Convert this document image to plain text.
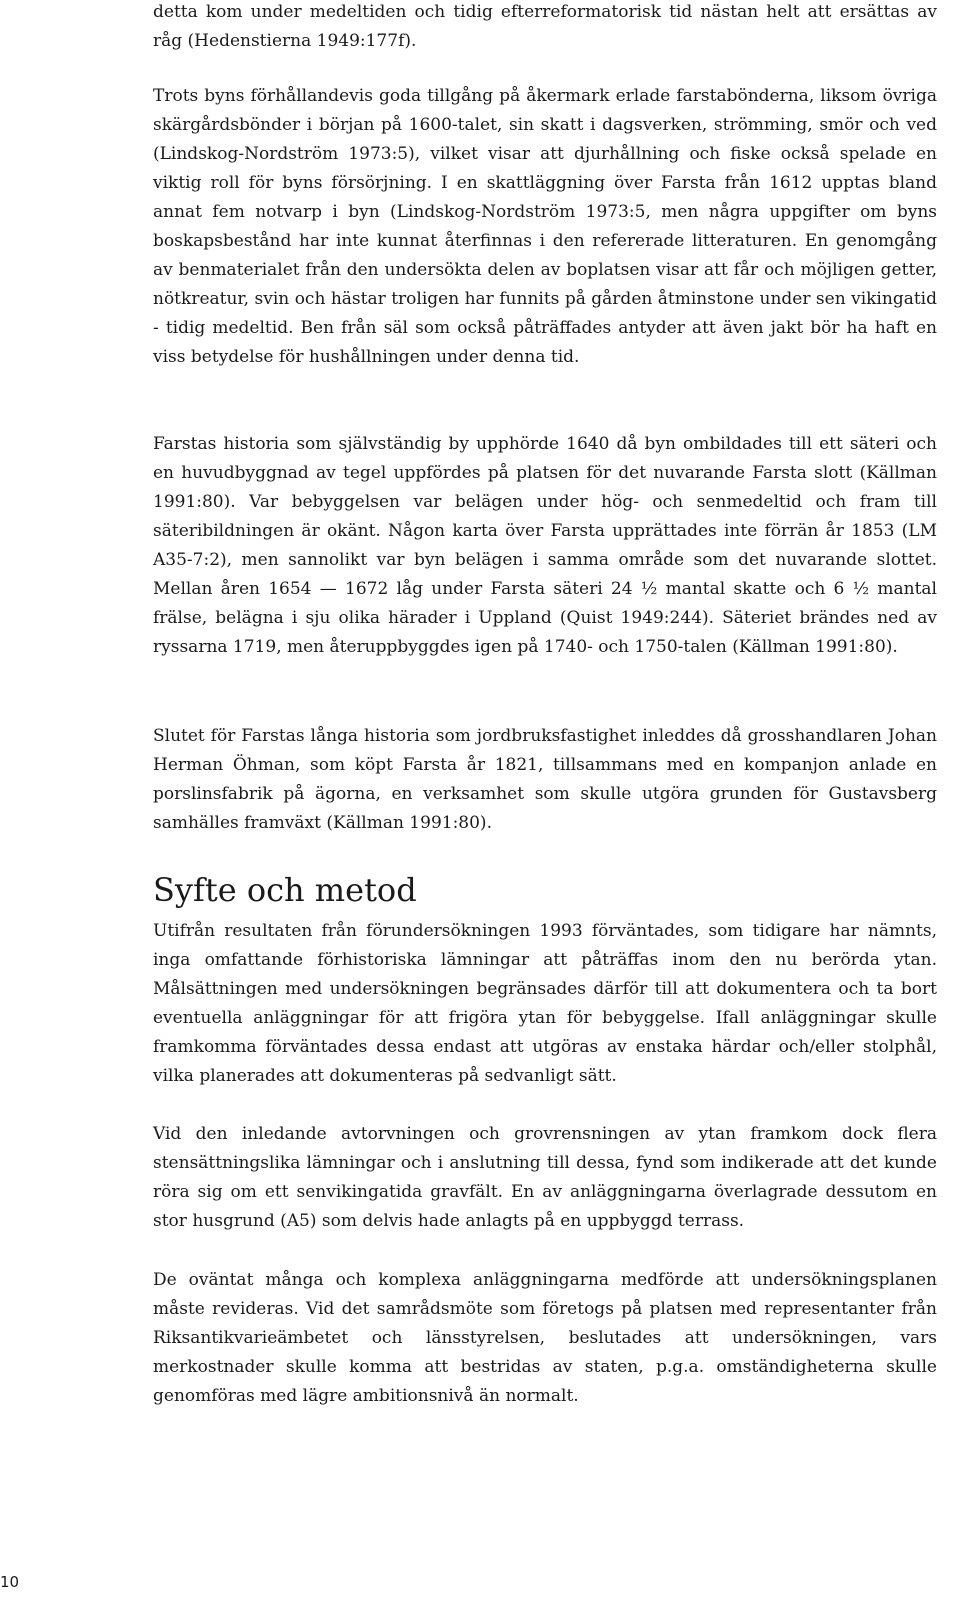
detta kom under medeltiden och tidig efterreformatorisk tid nästan helt att ersättas av råg (Hedenstierna 1949:177f).

Trots byns förhållandevis goda tillgång på åkermark erlade farstabönderna, liksom övriga skärgårdsbönder i början på 1600-talet, sin skatt i dagsverken, strömming, smör och ved (Lindskog-Nordström 1973:5), vilket visar att djurhållning och fiske också spelade en viktig roll för byns försörjning. I en skattläggning över Farsta från 1612 upptas bland annat fem notvarp i byn (Lindskog-Nordström 1973:5, men några uppgifter om byns boskapsbestånd har inte kunnat återfinnas i den refererade litteraturen. En genomgång av benmaterialet från den undersökta delen av boplatsen visar att får och möjligen getter, nötkreatur, svin och hästar troligen har funnits på gården åtminstone under sen vikingatid - tidig medeltid. Ben från säl som också påträffades antyder att även jakt bör ha haft en viss betydelse för hushållningen under denna tid.

Farstas historia som självständig by upphörde 1640 då byn ombildades till ett säteri och en huvudbyggnad av tegel uppfördes på platsen för det nuvarande Farsta slott (Källman 1991:80). Var bebyggelsen var belägen under hög- och senmedeltid och fram till säteribildningen är okänt. Någon karta över Farsta upprättades inte förrän år 1853 (LM A35-7:2), men sannolikt var byn belägen i samma område som det nuvarande slottet. Mellan åren 1654 — 1672 låg under Farsta säteri 24 ½ mantal skatte och 6 ½ mantal frälse, belägna i sju olika härader i Uppland (Quist 1949:244). Säteriet brändes ned av ryssarna 1719, men återuppbyggdes igen på 1740- och 1750-talen (Källman 1991:80).

Slutet för Farstas långa historia som jordbruksfastighet inleddes då grosshandlaren Johan Herman Öhman, som köpt Farsta år 1821, tillsammans med en kompanjon anlade en porslinsfabrik på ägorna, en verksamhet som skulle utgöra grunden för Gustavsberg samhälles framväxt (Källman 1991:80).

Syfte och metod

Utifrån resultaten från förundersökningen 1993 förväntades, som tidigare har nämnts, inga omfattande förhistoriska lämningar att påträffas inom den nu berörda ytan. Målsättningen med undersökningen begränsades därför till att dokumentera och ta bort eventuella anläggningar för att frigöra ytan för bebyggelse. Ifall anläggningar skulle framkomma förväntades dessa endast att utgöras av enstaka härdar och/eller stolphål, vilka planerades att dokumenteras på sedvanligt sätt.

Vid den inledande avtorvningen och grovrensningen av ytan framkom dock flera stensättningslika lämningar och i anslutning till dessa, fynd som indikerade att det kunde röra sig om ett senvikingatida gravfält. En av anläggningarna överlagrade dessutom en stor husgrund (A5) som delvis hade anlagts på en uppbyggd terrass.

De oväntat många och komplexa anläggningarna medförde att undersökningsplanen måste revideras. Vid det samrådsmöte som företogs på platsen med representanter från Riksantikvarieämbetet och länsstyrelsen, beslutades att undersökningen, vars merkostnader skulle komma att bestridas av staten, p.g.a. omständigheterna skulle genomföras med lägre ambitionsnivå än normalt.

10
